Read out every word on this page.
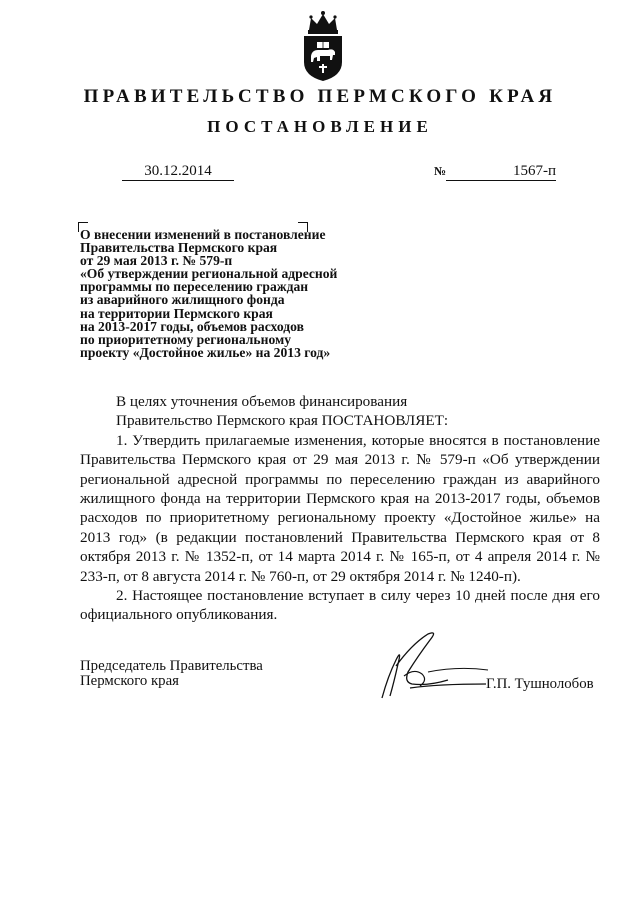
ПРАВИТЕЛЬСТВО ПЕРМСКОГО КРАЯ
ПОСТАНОВЛЕНИЕ
30.12.2014	№	1567-п
О внесении изменений в постановление
Правительства Пермского края
от 29 мая 2013 г. № 579-п
«Об утверждении региональной адресной
программы по переселению граждан
из аварийного жилищного фонда
на территории Пермского края
на 2013-2017 годы, объемов расходов
по приоритетному региональному
проекту «Достойное жилье» на 2013 год»

В целях уточнения объемов финансирования

Правительство Пермского края ПОСТАНОВЛЯЕТ:

1. Утвердить прилагаемые изменения, которые вносятся в постановление Правительства Пермского края от 29 мая 2013 г. № 579-п «Об утверждении региональной адресной программы по переселению граждан из аварийного жилищного фонда на территории Пермского края на 2013-2017 годы, объемов расходов по приоритетному региональному проекту «Достойное жилье» на 2013 год» (в редакции постановлений Правительства Пермского края от 8 октября 2013 г. № 1352-п, от 14 марта 2014 г. № 165-п, от 4 апреля 2014 г. № 233-п, от 8 августа 2014 г. № 760-п, от 29 октября 2014 г. № 1240-п).

2. Настоящее постановление вступает в силу через 10 дней после дня его официального опубликования.

Председатель Правительства
Пермского края	Г.П. Тушнолобов
